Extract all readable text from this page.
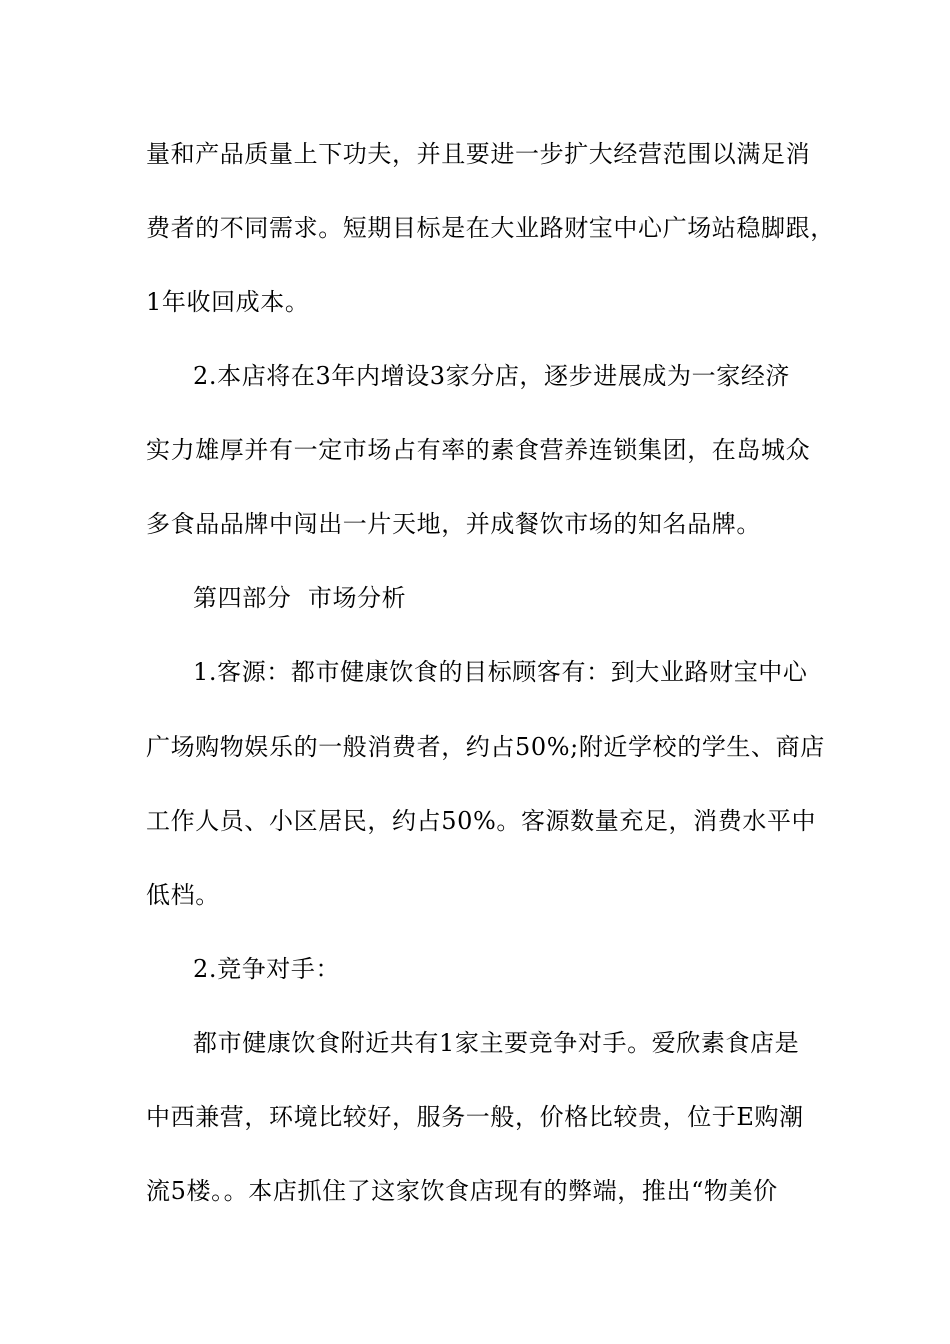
量和产品质量上下功夫，并且要进一步扩大经营范围以满足消
费者的不同需求。短期目标是在大业路财宝中心广场站稳脚跟，
1年收回成本。
2.本店将在3年内增设3家分店，逐步进展成为一家经济
实力雄厚并有一定市场占有率的素食营养连锁集团，在岛城众
多食品品牌中闯出一片天地，并成餐饮市场的知名品牌。
第四部分  市场分析
1.客源：都市健康饮食的目标顾客有：到大业路财宝中心
广场购物娱乐的一般消费者，约占50%;附近学校的学生、商店
工作人员、小区居民，约占50%。客源数量充足，消费水平中
低档。
2.竞争对手：
都市健康饮食附近共有1家主要竞争对手。爱欣素食店是
中西兼营，环境比较好，服务一般，价格比较贵，位于E购潮
流5楼。。本店抓住了这家饮食店现有的弊端，推出“物美价
